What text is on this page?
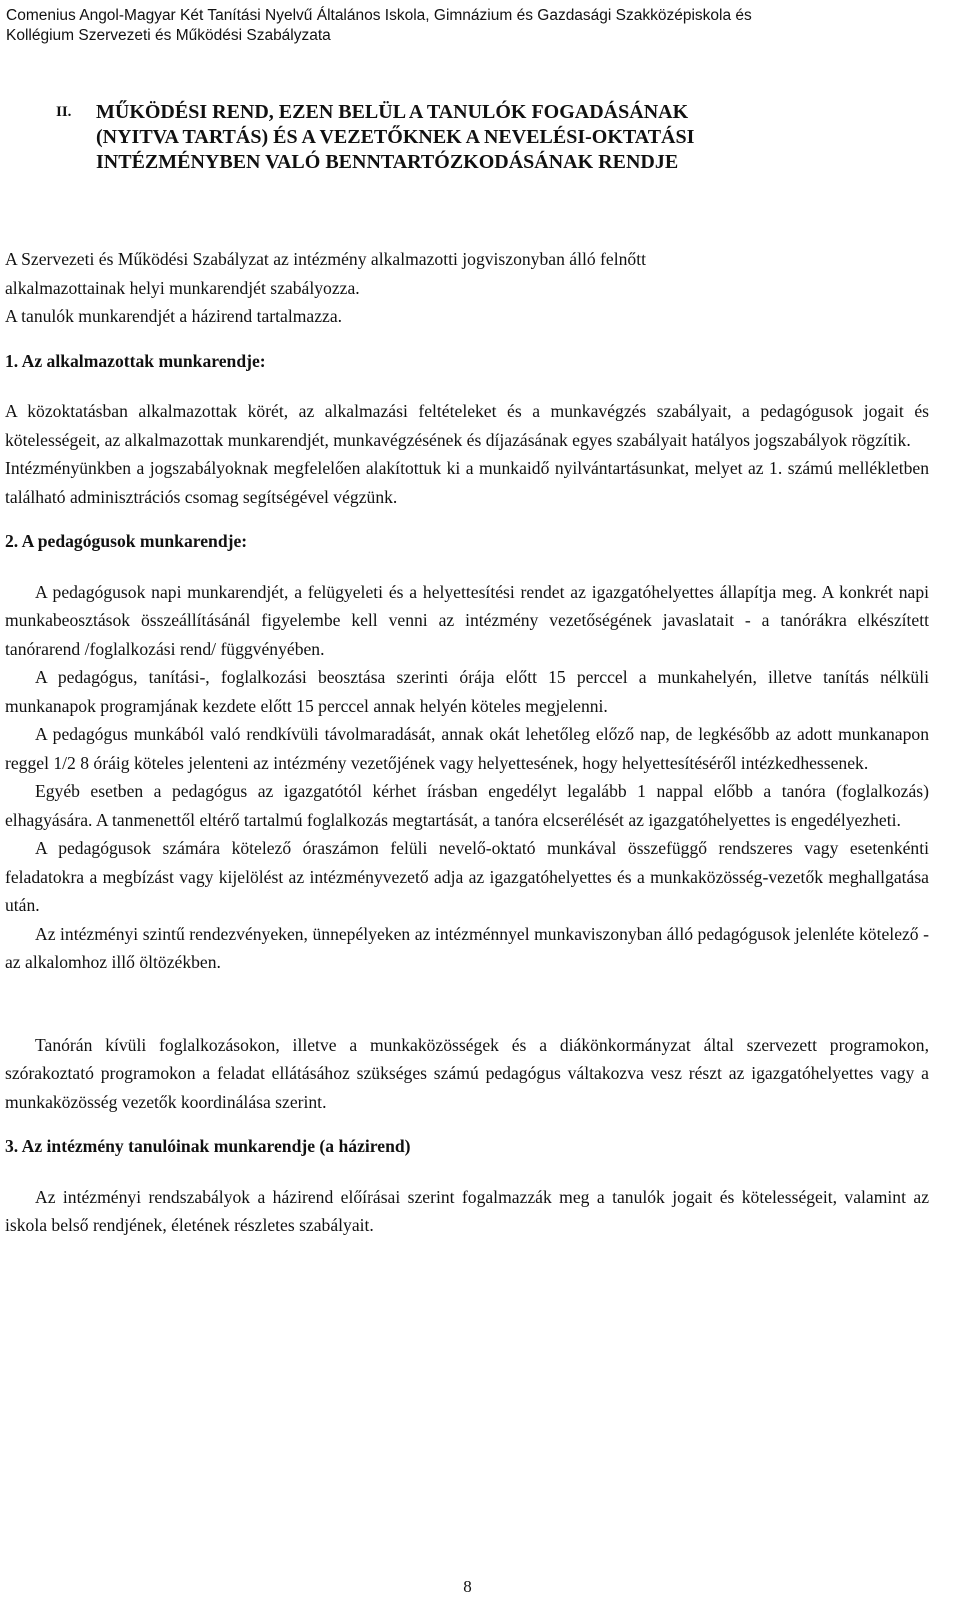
Comenius Angol-Magyar Két Tanítási Nyelvű Általános Iskola, Gimnázium és Gazdasági Szakközépiskola és
Kollégium Szervezeti és Működési Szabályzata
II. MŰKÖDÉSI REND, EZEN BELÜL A TANULÓK FOGADÁSÁNAK
(NYITVA TARTÁS) ÉS A VEZETŐKNEK A NEVELÉSI-OKTATÁSI
INTÉZMÉNYBEN VALÓ BENNTARTÓZKODÁSÁNAK RENDJE
A Szervezeti és Működési Szabályzat az intézmény alkalmazotti jogviszonyban álló felnőtt
alkalmazottainak helyi munkarendjét szabályozza.
A tanulók munkarendjét a házirend tartalmazza.

1. Az alkalmazottak munkarendje:

A közoktatásban alkalmazottak körét, az alkalmazási feltételeket és a munkavégzés szabályait, a pedagógusok jogait és kötelességeit, az alkalmazottak munkarendjét, munkavégzésének és díjazásának egyes szabályait hatályos jogszabályok rögzítik.

Intézményünkben a jogszabályoknak megfelelően alakítottuk ki a munkaidő nyilvántartásunkat, melyet az 1. számú mellékletben található adminisztrációs csomag segítségével végzünk.

2. A pedagógusok munkarendje:

A pedagógusok napi munkarendjét, a felügyeleti és a helyettesítési rendet az igazgatóhelyettes állapítja meg. A konkrét napi munkabeosztások összeállításánál figyelembe kell venni az intézmény vezetőségének javaslatait - a tanórákra elkészített tanórarend /foglalkozási rend/ függvényében.

A pedagógus, tanítási-, foglalkozási beosztása szerinti órája előtt 15 perccel a munkahelyén, illetve tanítás nélküli munkanapok programjának kezdete előtt 15 perccel annak helyén köteles megjelenni.

A pedagógus munkából való rendkívüli távolmaradását, annak okát lehetőleg előző nap, de legkésőbb az adott munkanapon reggel 1/2 8 óráig köteles jelenteni az intézmény vezetőjének vagy helyettesének, hogy helyettesítéséről intézkedhessenek.

Egyéb esetben a pedagógus az igazgatótól kérhet írásban engedélyt legalább 1 nappal előbb a tanóra (foglalkozás) elhagyására. A tanmenettől eltérő tartalmú foglalkozás megtartását, a tanóra elcserélését az igazgatóhelyettes is engedélyezheti.

A pedagógusok számára kötelező óraszámon felüli nevelő-oktató munkával összefüggő rendszeres vagy esetenkénti feladatokra a megbízást vagy kijelölést az intézményvezető adja az igazgatóhelyettes és a munkaközösség-vezetők meghallgatása után.

Az intézményi szintű rendezvényeken, ünnepélyeken az intézménnyel munkaviszonyban álló pedagógusok jelenléte kötelező - az alkalomhoz illő öltözékben.

Tanórán kívüli foglalkozásokon, illetve a munkaközösségek és a diákönkormányzat által szervezett programokon, szórakoztató programokon a feladat ellátásához szükséges számú pedagógus váltakozva vesz részt az igazgatóhelyettes vagy a munkaközösség vezetők koordinálása szerint.

3. Az intézmény tanulóinak munkarendje (a házirend)

Az intézményi rendszabályok a házirend előírásai szerint fogalmazzák meg a tanulók jogait és kötelességeit, valamint az iskola belső rendjének, életének részletes szabályait.

8
